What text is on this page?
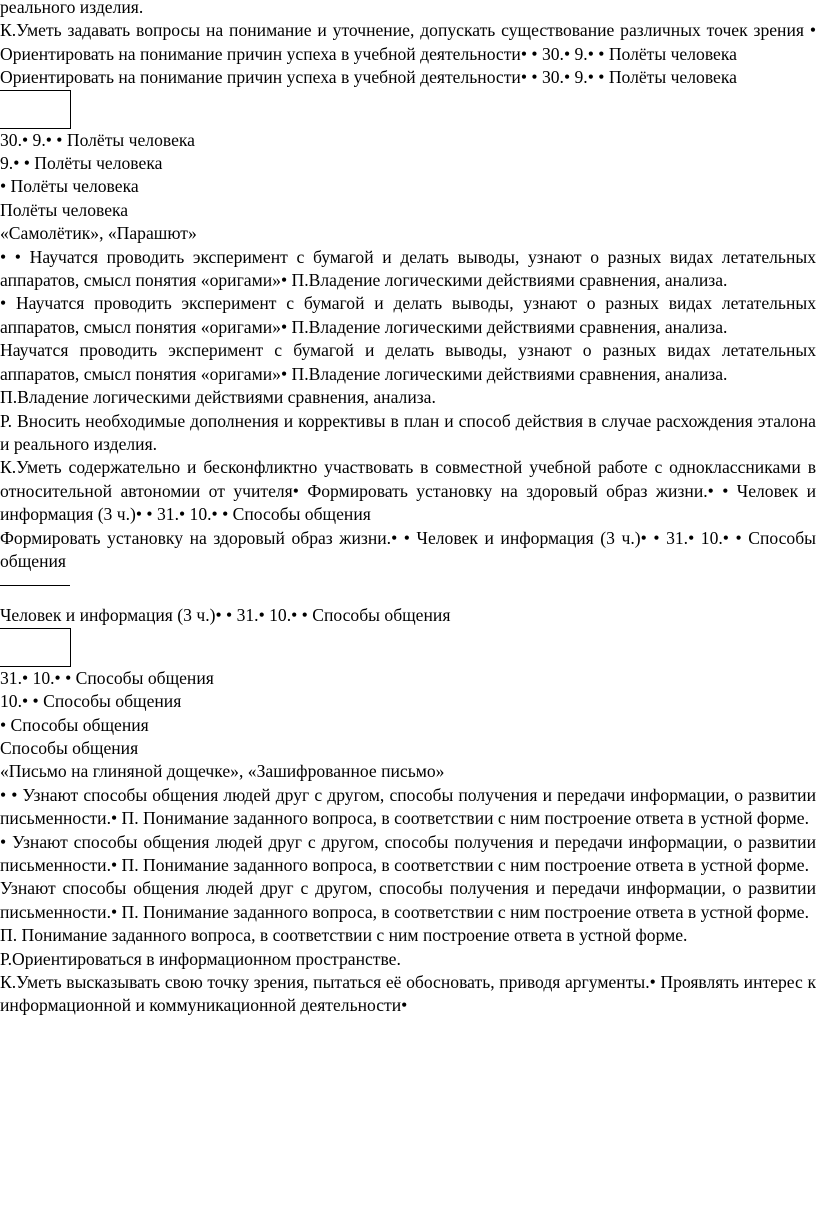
реального изделия.

К.Уметь задавать вопросы на понимание и уточнение, допускать существование различных точек зрения • Ориентировать на понимание причин успеха в учебной деятельности• • 30.• 9.• • Полёты человека

Ориентировать на понимание причин успеха в учебной деятельности• • 30.• 9.• • Полёты человека

30.• 9.• • Полёты человека

9.• • Полёты человека

• Полёты человека

Полёты человека

«Самолётик», «Парашют»

• • Научатся проводить эксперимент с бумагой и делать выводы, узнают о разных видах летательных аппаратов, смысл понятия «оригами»• П.Владение логическими действиями сравнения, анализа.

• Научатся проводить эксперимент с бумагой и делать выводы, узнают о разных видах летательных аппаратов, смысл понятия «оригами»• П.Владение логическими действиями сравнения, анализа.

Научатся проводить эксперимент с бумагой и делать выводы, узнают о разных видах летательных аппаратов, смысл понятия «оригами»• П.Владение логическими действиями сравнения, анализа.

П.Владение логическими действиями сравнения, анализа.

Р. Вносить необходимые дополнения и коррективы в план и способ действия в случае расхождения эталона и реального изделия.

К.Уметь содержательно и бесконфликтно участвовать в совместной учебной работе с одноклассниками в относительной автономии от учителя• Формировать установку на здоровый образ жизни.• • Человек и информация (3 ч.)• • 31.• 10.• • Способы общения

Формировать установку на здоровый образ жизни.• • Человек и информация (3 ч.)• • 31.• 10.• • Способы общения

Человек и информация (3 ч.)• • 31.• 10.• • Способы общения

31.• 10.• • Способы общения

10.• • Способы общения

• Способы общения

Способы общения

«Письмо на глиняной дощечке», «Зашифрованное письмо»

• • Узнают способы общения людей друг с другом, способы получения и передачи информации, о развитии письменности.• П. Понимание заданного вопроса, в соответствии с ним построение ответа в устной форме.

• Узнают способы общения людей друг с другом, способы получения и передачи информации, о развитии письменности.• П. Понимание заданного вопроса, в соответствии с ним построение ответа в устной форме.

Узнают способы общения людей друг с другом, способы получения и передачи информации, о развитии письменности.• П. Понимание заданного вопроса, в соответствии с ним построение ответа в устной форме.

П. Понимание заданного вопроса, в соответствии с ним построение ответа в устной форме.

Р.Ориентироваться в информационном пространстве.

К.Уметь высказывать свою точку зрения, пытаться её обосновать, приводя аргументы.• Проявлять интерес к информационной и коммуникационной деятельности•
